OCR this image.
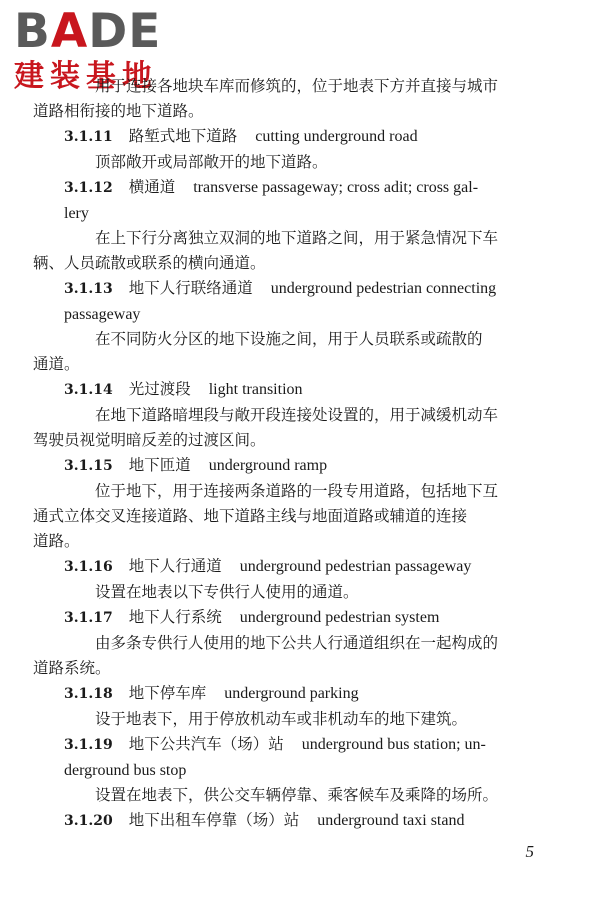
BADE
建装基地

用于连接各地块车库而修筑的，位于地表下方并直接与城市
道路相衔接的地下道路。

3.1.11 路堑式地下道路 cutting underground road

顶部敞开或局部敞开的地下道路。

3.1.12 横通道 transverse passageway; cross adit; cross gal-

lery

在上下行分离独立双洞的地下道路之间，用于紧急情况下车
辆、人员疏散或联系的横向通道。

3.1.13 地下人行联络通道 underground pedestrian connecting

passageway

在不同防火分区的地下设施之间，用于人员联系或疏散的
通道。

3.1.14 光过渡段 light transition

在地下道路暗埋段与敞开段连接处设置的，用于减缓机动车
驾驶员视觉明暗反差的过渡区间。

3.1.15 地下匝道 underground ramp

位于地下，用于连接两条道路的一段专用道路，包括地下互
通式立体交叉连接道路、地下道路主线与地面道路或辅道的连接
道路。

3.1.16 地下人行通道 underground pedestrian passageway

设置在地表以下专供行人使用的通道。

3.1.17 地下人行系统 underground pedestrian system

由多条专供行人使用的地下公共人行通道组织在一起构成的
道路系统。

3.1.18 地下停车库 underground parking

设于地表下，用于停放机动车或非机动车的地下建筑。

3.1.19 地下公共汽车（场）站 underground bus station; un-

derground bus stop

设置在地表下，供公交车辆停靠、乘客候车及乘降的场所。

3.1.20 地下出租车停靠（场）站 underground taxi stand

5
